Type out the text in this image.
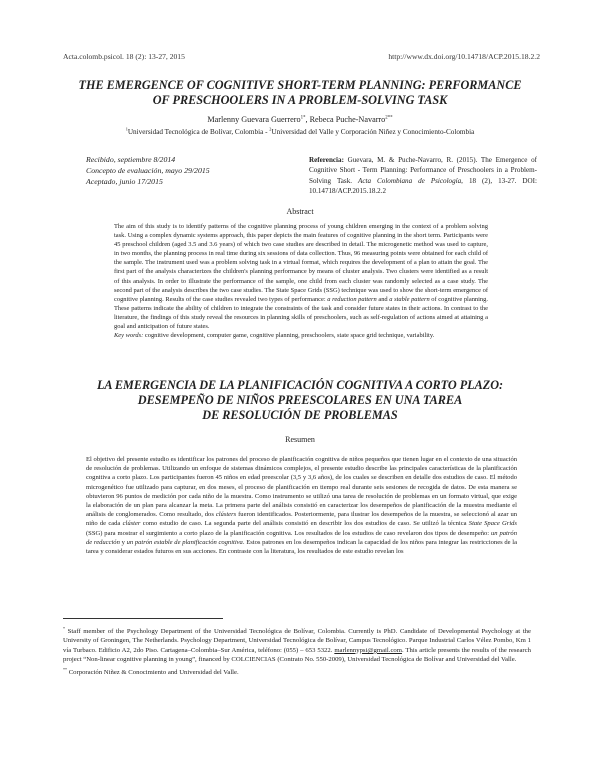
Acta.colomb.psicol. 18 (2): 13-27, 2015	http://www.dx.doi.org/10.14718/ACP.2015.18.2.2
THE EMERGENCE OF COGNITIVE SHORT-TERM PLANNING: PERFORMANCE
OF PRESCHOOLERS IN A PROBLEM-SOLVING TASK
Marlenny Guevara Guerrero$^{1*}$, Rebeca Puche-Navarro$^{2**}$
$^1$Universidad Tecnológica de Bolívar, Colombia - $^2$Universidad del Valle y Corporación Niñez y Conocimiento-Colombia
Recibido, septiembre 8/2014
Concepto de evaluación, mayo 29/2015
Aceptado, junio 17/2015
Referencia: Guevara, M. & Puche-Navarro, R. (2015). The Emergence of Cognitive Short - Term Planning: Performance of Preschoolers in a Problem-Solving Task. Acta Colombiana de Psicología, 18 (2), 13-27. DOI: 10.14718/ACP.2015.18.2.2
Abstract
The aim of this study is to identify patterns of the cognitive planning process of young children emerging in the context of a problem solving task. Using a complex dynamic systems approach, this paper depicts the main features of cognitive planning in the short term. Participants were 45 preschool children (aged 3.5 and 3.6 years) of which two case studies are described in detail. The microgenetic method was used to capture, in two months, the planning process in real time during six sessions of data collection. Thus, 96 measuring points were obtained for each child of the sample. The instrument used was a problem solving task in a virtual format, which requires the development of a plan to attain the goal. The first part of the analysis characterizes the children's planning performance by means of cluster analysis. Two clusters were identified as a result of this analysis. In order to illustrate the performance of the sample, one child from each cluster was randomly selected as a case study. The second part of the analysis describes the two case studies. The State Space Grids (SSG) technique was used to show the short-term emergence of cognitive planning. Results of the case studies revealed two types of performance: a reduction pattern and a stable pattern of cognitive planning. These patterns indicate the ability of children to integrate the constraints of the task and consider future states in their actions. In contrast to the literature, the findings of this study reveal the resources in planning skills of preschoolers, such as self-regulation of actions aimed at attaining a goal and anticipation of future states.
Key words: cognitive development, computer game, cognitive planning, preschoolers, state space grid technique, variability.
LA EMERGENCIA DE LA PLANIFICACIÓN COGNITIVA A CORTO PLAZO:
DESEMPEÑO DE NIÑOS PREESCOLARES EN UNA TAREA
DE RESOLUCIÓN DE PROBLEMAS
Resumen
El objetivo del presente estudio es identificar los patrones del proceso de planificación cognitiva de niños pequeños que tienen lugar en el contexto de una situación de resolución de problemas. Utilizando un enfoque de sistemas dinámicos complejos, el presente estudio describe las principales características de la planificación cognitiva a corto plazo. Los participantes fueron 45 niños en edad preescolar (3,5 y 3,6 años), de los cuales se describen en detalle dos estudios de caso. El método microgenético fue utilizado para capturar, en dos meses, el proceso de planificación en tiempo real durante seis sesiones de recogida de datos. De esta manera se obtuvieron 96 puntos de medición por cada niño de la muestra. Como instrumento se utilizó una tarea de resolución de problemas en un formato virtual, que exige la elaboración de un plan para alcanzar la meta. La primera parte del análisis consistió en caracterizar los desempeños de planificación de la muestra mediante el análisis de conglomerados. Como resultado, dos clústers fueron identificados. Posteriormente, para ilustrar los desempeños de la muestra, se seleccionó al azar un niño de cada clúster como estudio de caso. La segunda parte del análisis consistió en describir los dos estudios de caso. Se utilizó la técnica State Space Grids (SSG) para mostrar el surgimiento a corto plazo de la planificación cognitiva. Los resultados de los estudios de caso revelaron dos tipos de desempeño: un patrón de reducción y un patrón estable de planificación cognitiva. Estos patrones en los desempeños indican la capacidad de los niños para integrar las restricciones de la tarea y considerar estados futuros en sus acciones. En contraste con la literatura, los resultados de este estudio revelan los

* Staff member of the Psychology Department of the Universidad Tecnológica de Bolívar, Colombia. Currently is PhD. Candidate of Developmental Psychology at the University of Groningen, The Netherlands. Psychology Department, Universidad Tecnológica de Bolívar, Campus Tecnológico. Parque Industrial Carlos Vélez Pombo, Km 1 vía Turbaco. Edificio A2, 2do Piso. Cartagena–Colombia–Sur América, teléfono: (055) – 653 5322. marlennypsi@gmail.com. This article presents the results of the research project “Non-linear cognitive planning in young”, financed by COLCIENCIAS (Contrato No. 550-2009), Universidad Tecnológica de Bolívar and Universidad del Valle.

** Corporación Niñez & Conocimiento and Universidad del Valle.
